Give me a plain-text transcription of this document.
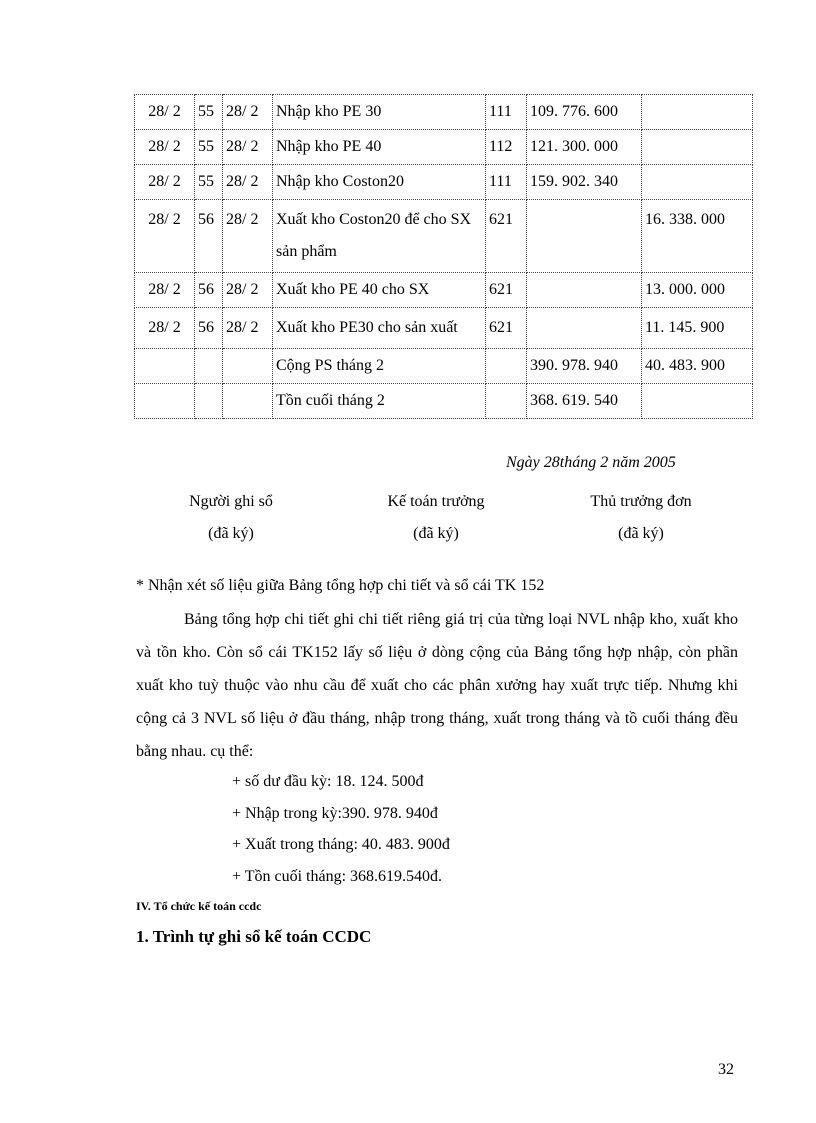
28/ 2	55	28/ 2	Nhập kho PE 30	111	109. 776. 600	
28/ 2	55	28/ 2	Nhập kho PE 40	112	121. 300. 000	
28/ 2	55	28/ 2	Nhập kho Coston20	111	159. 902. 340	
28/ 2	56	28/ 2	Xuất kho Coston20 để cho SX sản phẩm	621		16. 338. 000
28/ 2	56	28/ 2	Xuất kho PE 40 cho SX	621		13. 000. 000
28/ 2	56	28/ 2	Xuất kho PE30 cho sản xuất	621		11. 145. 900
			Cộng PS tháng 2		390. 978. 940	40. 483. 900
			Tồn cuối tháng 2		368. 619. 540	
Ngày 28tháng 2 năm 2005
Người ghi sổ
(đã ký)
Kế toán trưởng
(đã ký)
Thủ trưởng đơn
(đã ký)
* Nhận xét số liệu giữa Bảng tổng hợp chi tiết và sổ cái TK 152
Bảng tổng hợp chi tiết ghi chi tiết riêng giá trị của từng loại NVL nhập kho, xuất kho và tồn kho. Còn sổ cái TK152 lấy số liệu ở dòng cộng của Bảng tổng hợp nhập, còn phần xuất kho tuỳ thuộc vào nhu cầu để xuất cho các phân xưởng hay xuất trực tiếp. Nhưng khi cộng cả 3 NVL số liệu ở đầu tháng, nhập trong tháng, xuất trong tháng và tồ cuối tháng đều bằng nhau. cụ thể:
+ số dư đầu kỳ: 18. 124. 500đ
+ Nhập trong kỳ:390. 978. 940đ
+ Xuất trong tháng: 40. 483. 900đ
+ Tồn cuối tháng: 368.619.540đ.
IV. Tổ chức kế toán ccdc
1. Trình tự ghi sổ kế toán CCDC
32
